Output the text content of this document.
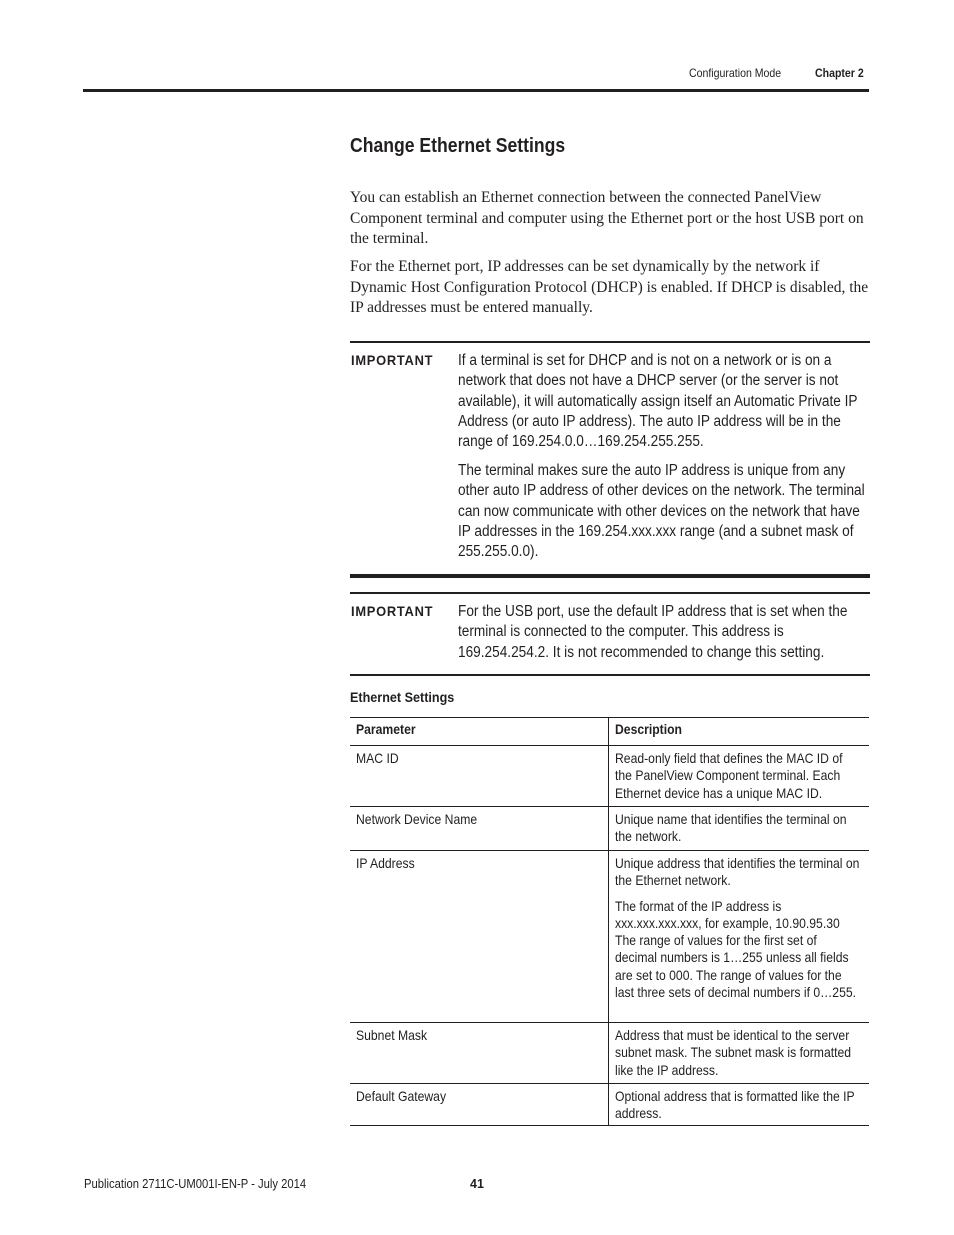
Configuration Mode	Chapter 2
Change Ethernet Settings

You can establish an Ethernet connection between the connected PanelView Component terminal and computer using the Ethernet port or the host USB port on the terminal.

For the Ethernet port, IP addresses can be set dynamically by the network if Dynamic Host Configuration Protocol (DHCP) is enabled. If DHCP is disabled, the IP addresses must be entered manually.

IMPORTANT If a terminal is set for DHCP and is not on a network or is on a network that does not have a DHCP server (or the server is not available), it will automatically assign itself an Automatic Private IP Address (or auto IP address). The auto IP address will be in the range of 169.254.0.0…169.254.255.255.
The terminal makes sure the auto IP address is unique from any other auto IP address of other devices on the network. The terminal can now communicate with other devices on the network that have IP addresses in the 169.254.xxx.xxx range (and a subnet mask of 255.255.0.0).
IMPORTANT For the USB port, use the default IP address that is set when the terminal is connected to the computer. This address is 169.254.254.2. It is not recommended to change this setting.
Ethernet Settings
Parameter	Description
MAC ID	Read-only field that defines the MAC ID of the PanelView Component terminal. Each Ethernet device has a unique MAC ID.
Network Device Name	Unique name that identifies the terminal on the network.
IP Address	Unique address that identifies the terminal on the Ethernet network.
The format of the IP address is xxx.xxx.xxx.xxx, for example, 10.90.95.30 The range of values for the first set of decimal numbers is 1…255 unless all fields are set to 000. The range of values for the last three sets of decimal numbers if 0…255.
Subnet Mask	Address that must be identical to the server subnet mask. The subnet mask is formatted like the IP address.
Default Gateway	Optional address that is formatted like the IP address.
Publication 2711C-UM001I-EN-P - July 2014	41
